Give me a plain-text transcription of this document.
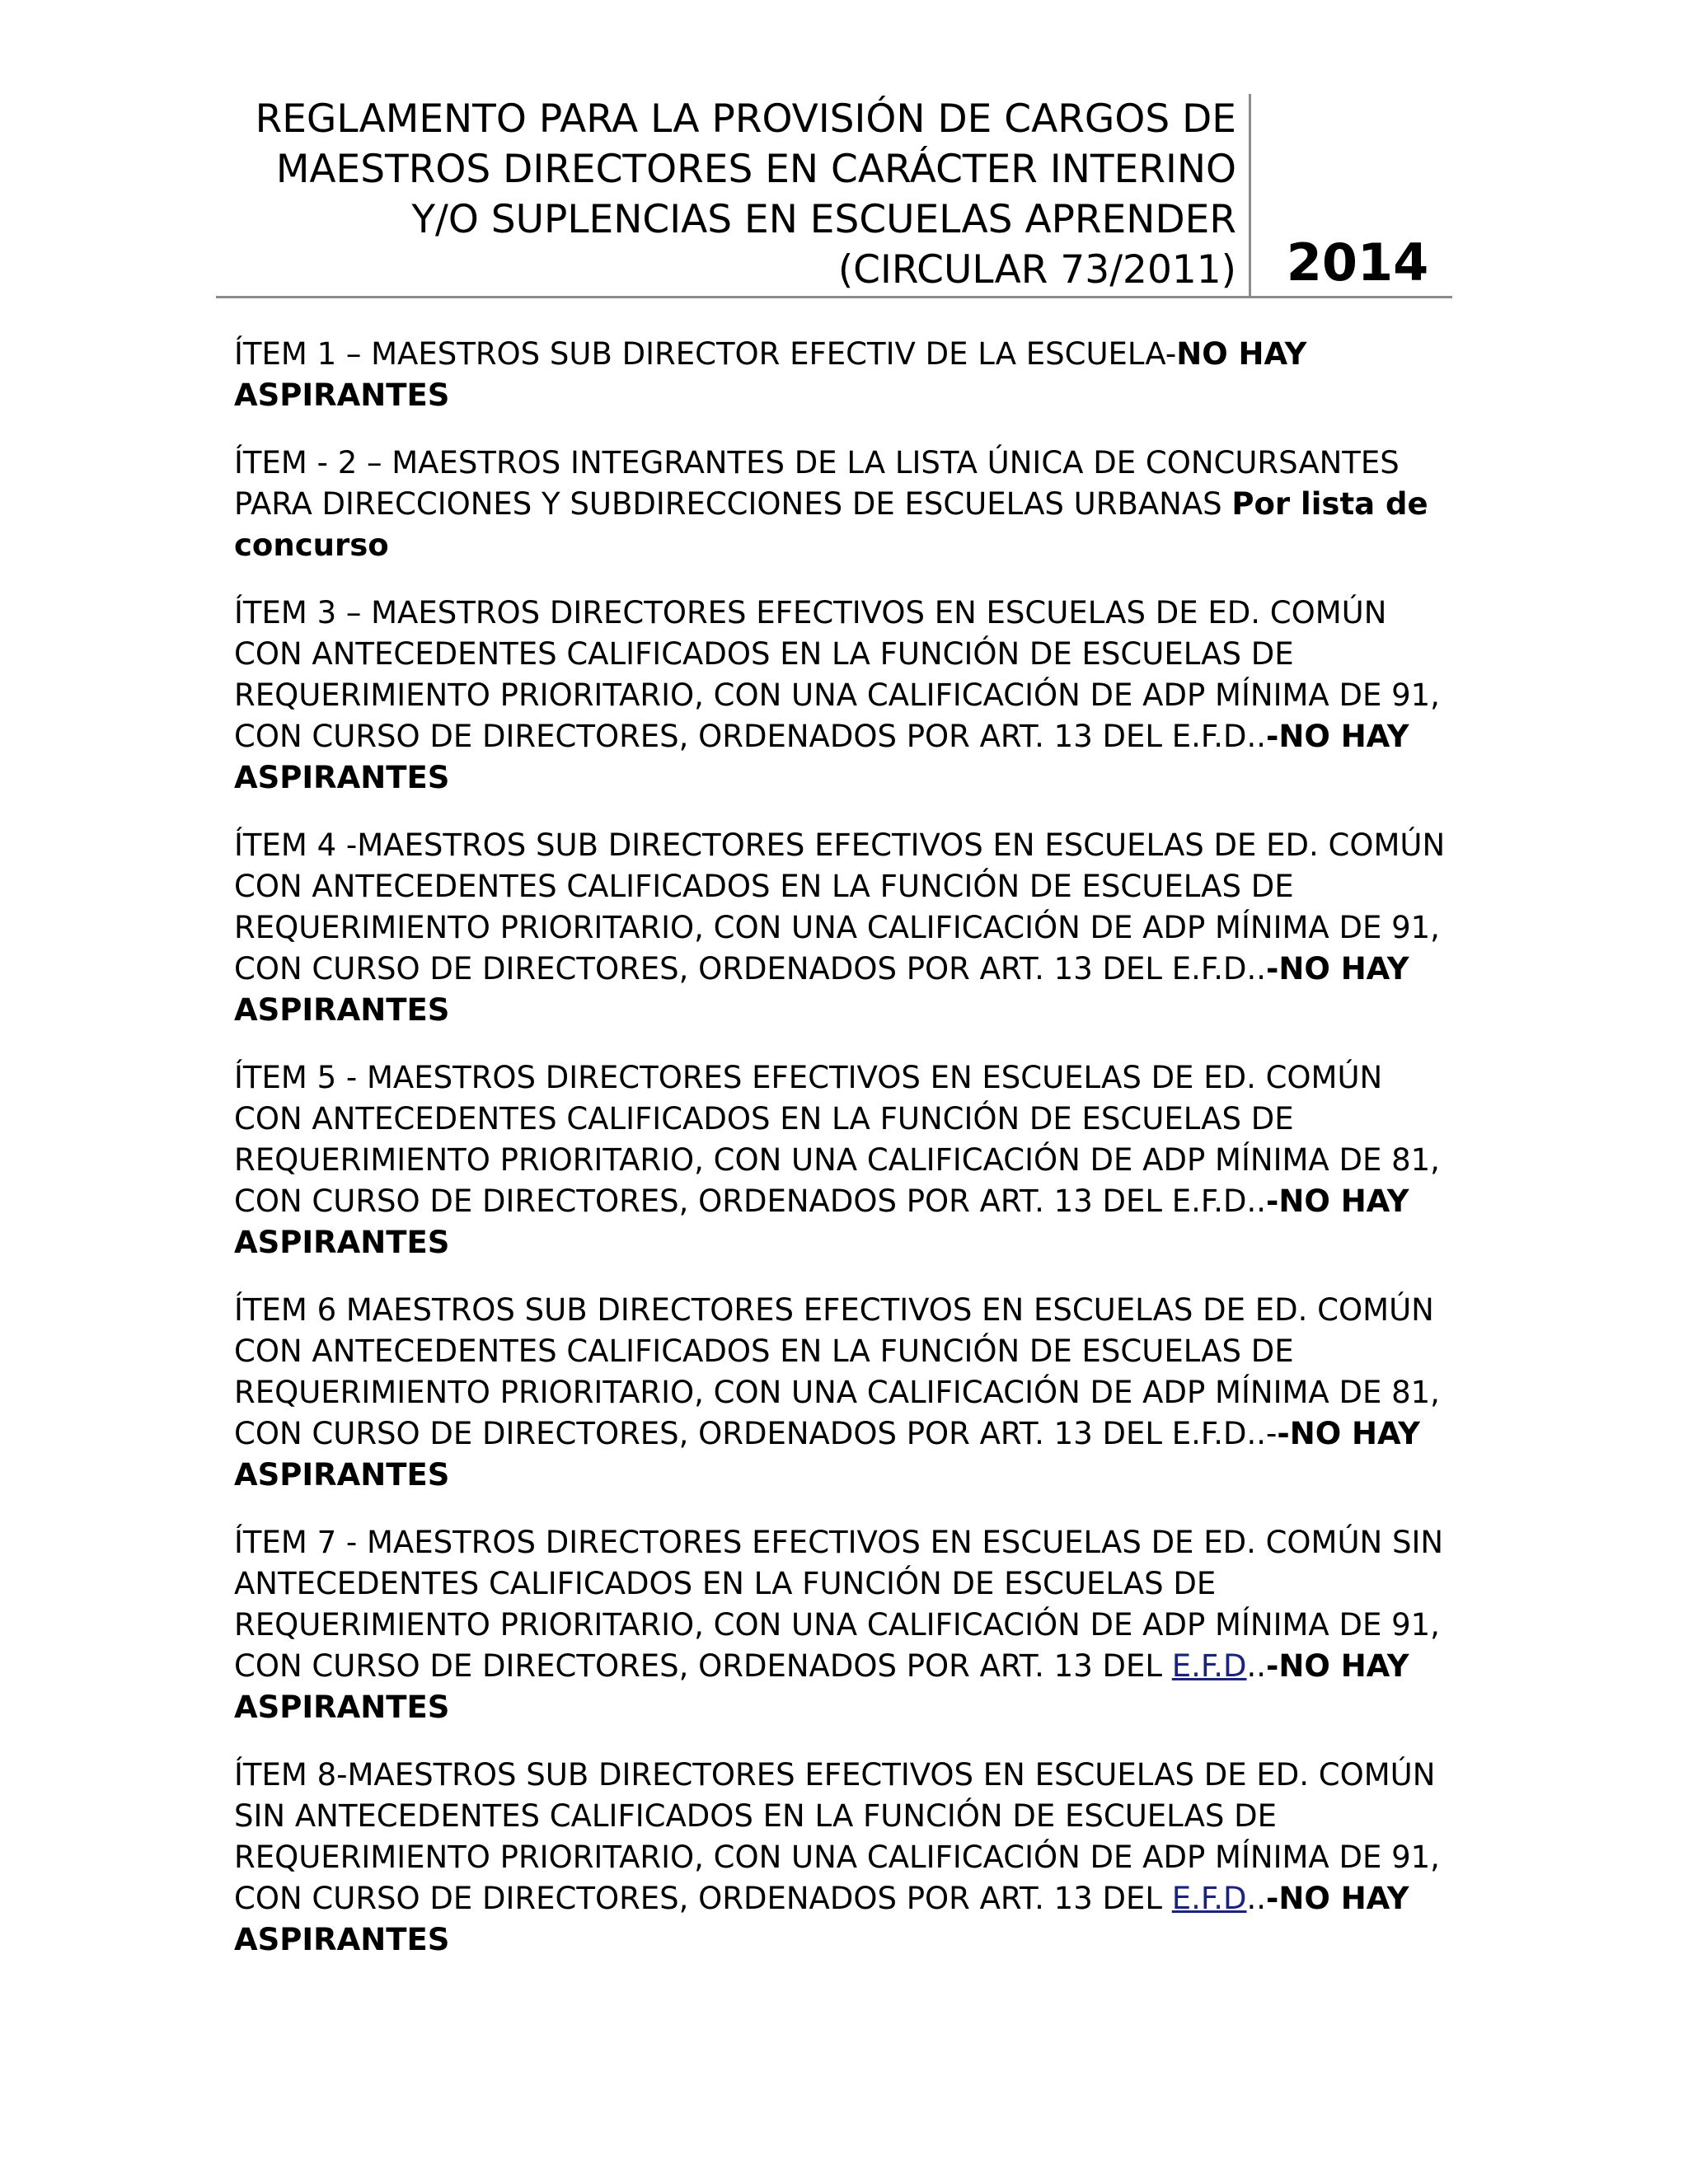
REGLAMENTO PARA LA PROVISIÓN DE CARGOS DE
MAESTROS DIRECTORES EN CARÁCTER INTERINO
Y/O SUPLENCIAS EN ESCUELAS APRENDER
(CIRCULAR 73/2011) 2014

ÍTEM 1 – MAESTROS SUB DIRECTOR EFECTIV DE LA ESCUELA-NO HAY ASPIRANTES

ÍTEM - 2 – MAESTROS INTEGRANTES DE LA LISTA ÚNICA DE CONCURSANTES PARA DIRECCIONES Y SUBDIRECCIONES DE ESCUELAS URBANAS Por lista de concurso

ÍTEM 3 – MAESTROS DIRECTORES EFECTIVOS EN ESCUELAS DE ED. COMÚN CON ANTECEDENTES CALIFICADOS EN LA FUNCIÓN DE ESCUELAS DE REQUERIMIENTO PRIORITARIO, CON UNA CALIFICACIÓN DE ADP MÍNIMA DE 91, CON CURSO DE DIRECTORES, ORDENADOS POR ART. 13 DEL E.F.D..-NO HAY ASPIRANTES

ÍTEM 4 -MAESTROS SUB DIRECTORES EFECTIVOS EN ESCUELAS DE ED. COMÚN CON ANTECEDENTES CALIFICADOS EN LA FUNCIÓN DE ESCUELAS DE REQUERIMIENTO PRIORITARIO, CON UNA CALIFICACIÓN DE ADP MÍNIMA DE 91, CON CURSO DE DIRECTORES, ORDENADOS POR ART. 13 DEL E.F.D..-NO HAY ASPIRANTES

ÍTEM 5 - MAESTROS DIRECTORES EFECTIVOS EN ESCUELAS DE ED. COMÚN CON ANTECEDENTES CALIFICADOS EN LA FUNCIÓN DE ESCUELAS DE REQUERIMIENTO PRIORITARIO, CON UNA CALIFICACIÓN DE ADP MÍNIMA DE 81, CON CURSO DE DIRECTORES, ORDENADOS POR ART. 13 DEL E.F.D..-NO HAY ASPIRANTES

ÍTEM 6 MAESTROS SUB DIRECTORES EFECTIVOS EN ESCUELAS DE ED. COMÚN CON ANTECEDENTES CALIFICADOS EN LA FUNCIÓN DE ESCUELAS DE REQUERIMIENTO PRIORITARIO, CON UNA CALIFICACIÓN DE ADP MÍNIMA DE 81, CON CURSO DE DIRECTORES, ORDENADOS POR ART. 13 DEL E.F.D..--NO HAY ASPIRANTES

ÍTEM 7 - MAESTROS DIRECTORES EFECTIVOS EN ESCUELAS DE ED. COMÚN SIN ANTECEDENTES CALIFICADOS EN LA FUNCIÓN DE ESCUELAS DE REQUERIMIENTO PRIORITARIO, CON UNA CALIFICACIÓN DE ADP MÍNIMA DE 91, CON CURSO DE DIRECTORES, ORDENADOS POR ART. 13 DEL E.F.D..-NO HAY ASPIRANTES

ÍTEM 8-MAESTROS SUB DIRECTORES EFECTIVOS EN ESCUELAS DE ED. COMÚN SIN ANTECEDENTES CALIFICADOS EN LA FUNCIÓN DE ESCUELAS DE REQUERIMIENTO PRIORITARIO, CON UNA CALIFICACIÓN DE ADP MÍNIMA DE 91, CON CURSO DE DIRECTORES, ORDENADOS POR ART. 13 DEL E.F.D..-NO HAY ASPIRANTES
